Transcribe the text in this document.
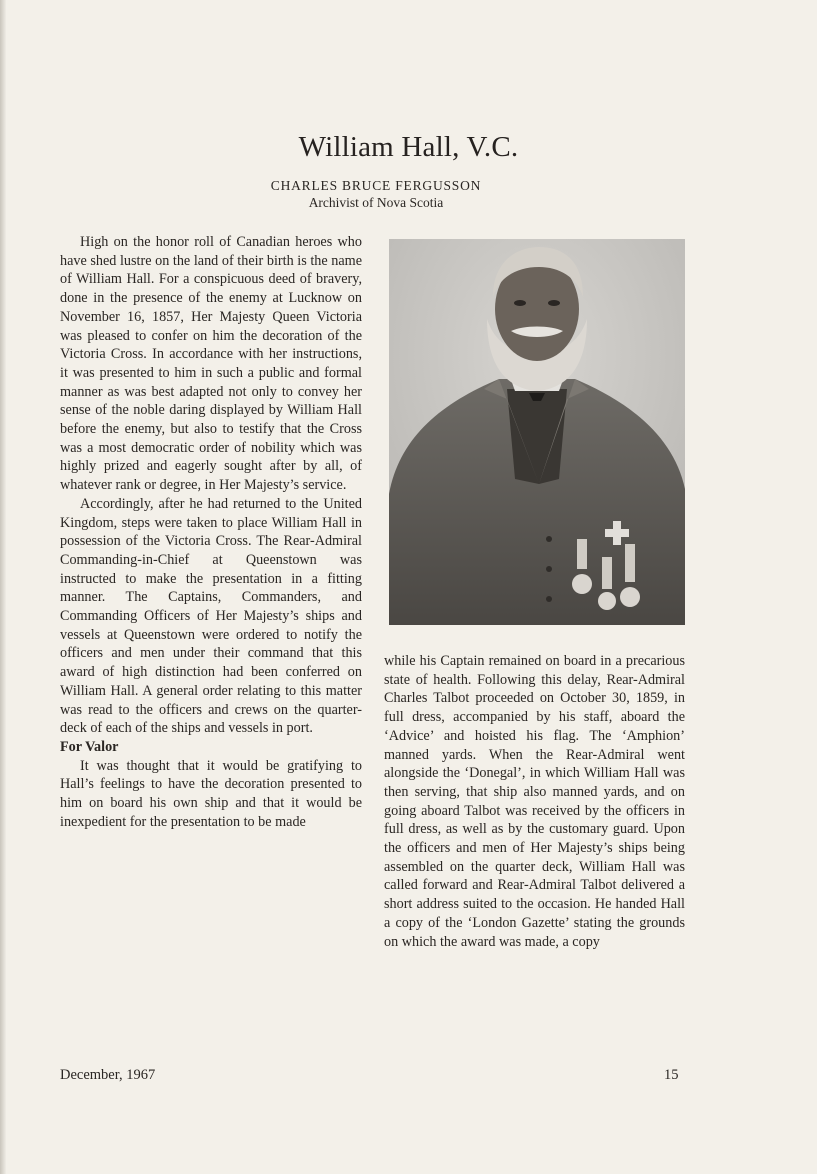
William Hall, V.C.
CHARLES BRUCE FERGUSSON
Archivist of Nova Scotia

High on the honor roll of Canadian heroes who have shed lustre on the land of their birth is the name of William Hall. For a conspicuous deed of bravery, done in the presence of the enemy at Lucknow on November 16, 1857, Her Majesty Queen Victoria was pleased to confer on him the decoration of the Victoria Cross. In accordance with her instructions, it was presented to him in such a public and formal manner as was best adapted not only to convey her sense of the noble daring displayed by William Hall before the enemy, but also to testify that the Cross was a most democratic order of nobility which was highly prized and eagerly sought after by all, of whatever rank or degree, in Her Majesty’s service.

Accordingly, after he had returned to the United Kingdom, steps were taken to place William Hall in possession of the Victoria Cross. The Rear-Admiral Commanding-in-Chief at Queenstown was instructed to make the presentation in a fitting manner. The Captains, Commanders, and Commanding Officers of Her Majesty’s ships and vessels at Queenstown were ordered to notify the officers and men under their command that this award of high distinction had been conferred on William Hall. A general order relating to this matter was read to the officers and crews on the quarter-deck of each of the ships and vessels in port.

For Valor

It was thought that it would be gratifying to Hall’s feelings to have the decoration presented to him on board his own ship and that it would be inexpedient for the presentation to be made

while his Captain remained on board in a precarious state of health. Following this delay, Rear-Admiral Charles Talbot proceeded on October 30, 1859, in full dress, accompanied by his staff, aboard the ‘Advice’ and hoisted his flag. The ‘Amphion’ manned yards. When the Rear-Admiral went alongside the ‘Donegal’, in which William Hall was then serving, that ship also manned yards, and on going aboard Talbot was received by the officers in full dress, as well as by the customary guard. Upon the officers and men of Her Majesty’s ships being assembled on the quarter deck, William Hall was called forward and Rear-Admiral Talbot delivered a short address suited to the occasion. He handed Hall a copy of the ‘London Gazette’ stating the grounds on which the award was made, a copy

December, 1967	15
